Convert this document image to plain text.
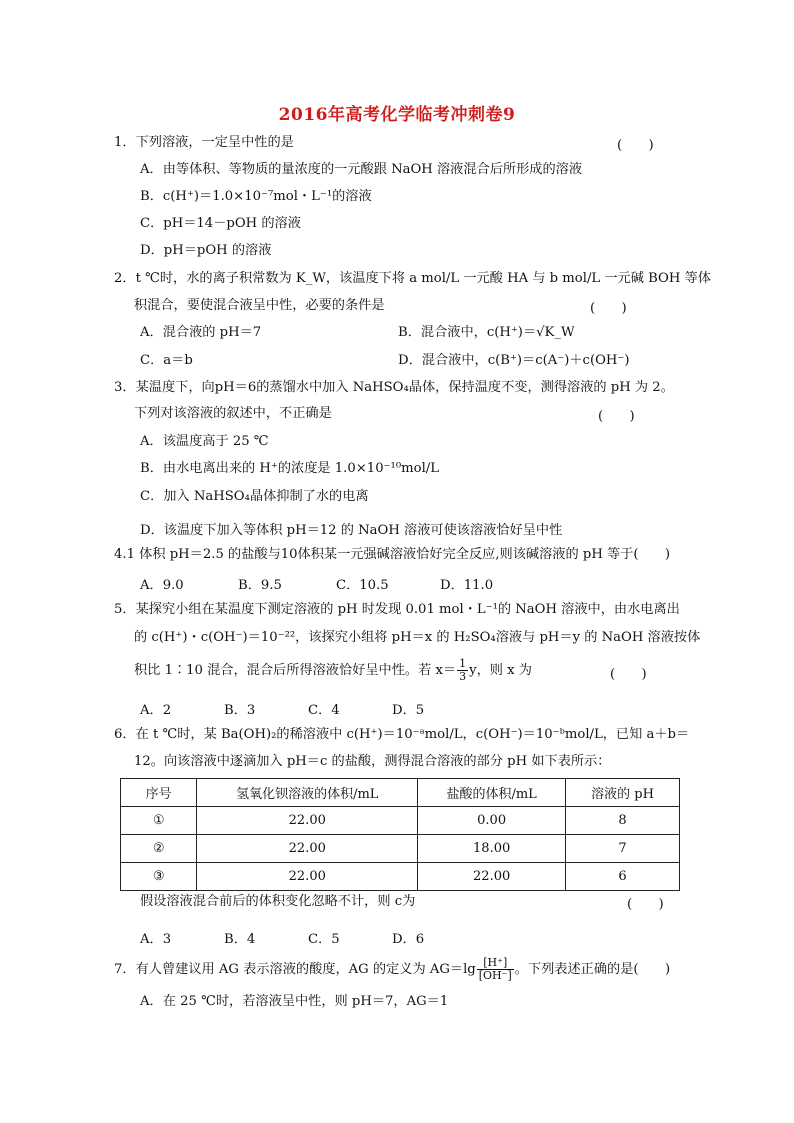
2016年高考化学临考冲刺卷9
1．下列溶液，一定呈中性的是	(　　)
A．由等体积、等物质的量浓度的一元酸跟 NaOH 溶液混合后所形成的溶液
B．c(H⁺)＝1.0×10⁻⁷mol・L⁻¹的溶液
C．pH＝14－pOH 的溶液
D．pH＝pOH 的溶液
2．t ℃时，水的离子积常数为 K_W，该温度下将 a mol/L 一元酸 HA 与 b mol/L 一元碱 BOH 等体
积混合，要使混合液呈中性，必要的条件是	(　　)
A．混合液的 pH＝7	B．混合液中，c(H⁺)＝√K_W
C．a＝b	D．混合液中，c(B⁺)＝c(A⁻)＋c(OH⁻)
3．某温度下，向pH＝6的蒸馏水中加入 NaHSO₄晶体，保持温度不变，测得溶液的 pH 为 2。
下列对该溶液的叙述中，不正确是	(　　)
A．该温度高于 25 ℃
B．由水电离出来的 H⁺的浓度是 1.0×10⁻¹⁰mol/L
C．加入 NaHSO₄晶体抑制了水的电离
D．该温度下加入等体积 pH＝12 的 NaOH 溶液可使该溶液恰好呈中性
4.1 体积 pH＝2.5 的盐酸与10体积某一元强碱溶液恰好完全反应,则该碱溶液的 pH 等于(　　)
A．9.0	B．9.5	C．10.5	D．11.0
5．某探究小组在某温度下测定溶液的 pH 时发现 0.01 mol・L⁻¹的 NaOH 溶液中，由水电离出
的 c(H⁺)・c(OH⁻)＝10⁻²²，该探究小组将 pH＝x 的 H₂SO₄溶液与 pH＝y 的 NaOH 溶液按体
积比 1∶10 混合，混合后所得溶液恰好呈中性。若 $x= \frac{1}{3}$ y，则 x 为	(　　)
A．2	B．3	C．4	D．5
6．在 t ℃时，某 Ba(OH)₂的稀溶液中 c(H⁺)＝10⁻ᵃmol/L，c(OH⁻)＝10⁻ᵇmol/L，已知 a＋b＝
12。向该溶液中逐滴加入 pH＝c 的盐酸，测得混合溶液的部分 pH 如下表所示：
序号	氢氧化钡溶液的体积/mL	盐酸的体积/mL	溶液的 pH
①	22.00	0.00	8
②	22.00	18.00	7
③	22.00	22.00	6
假设溶液混合前后的体积变化忽略不计，则 c为	(　　)
A．3	B．4	C．5	D．6
7．有人曾建议用 AG 表示溶液的酸度，AG 的定义为 $AG=\lg \frac{[H^+]}{[OH^-]}$ 。下列表述正确的是(　　)
A．在 25 ℃时，若溶液呈中性，则 pH＝7，AG＝1
